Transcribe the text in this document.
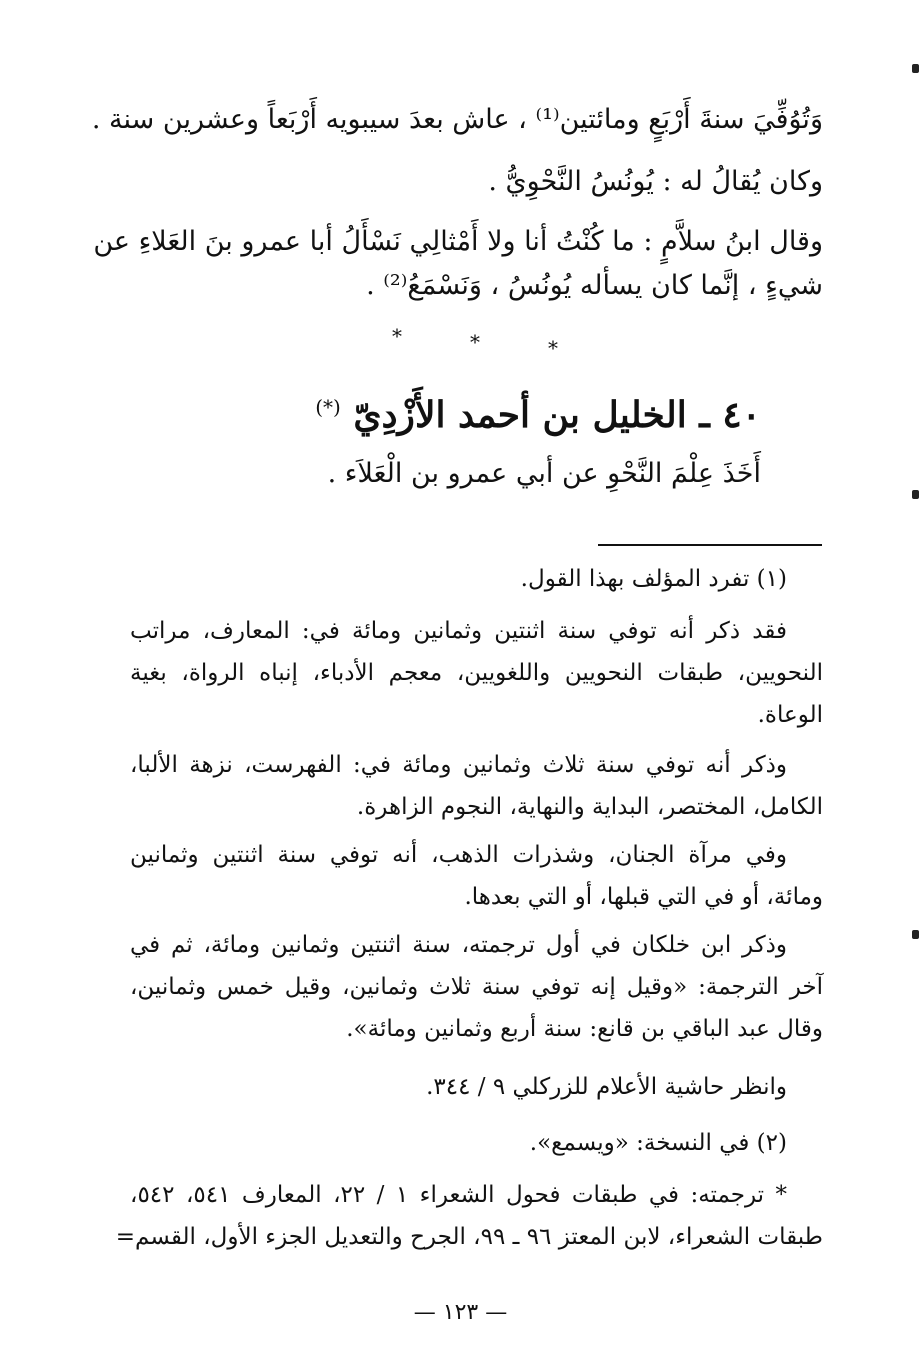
وَتُوُفِّيَ سنةَ أَرْبَعٍ ومائتين⁽¹⁾ ، عاش بعدَ سيبويه أَرْبَعاً وعشرين سنة .
وكان يُقالُ له : يُونُسُ النَّحْوِيُّ .
وقال ابنُ سلاَّمٍ : ما كُنْتُ أنا ولا أَمْثالِي نَسْأَلُ أبا عمرو بنَ العَلاءِ عن
شيءٍ ، إنَّما كان يسأله يُونُسُ ، وَنَسْمَعُ⁽²⁾ .
*	*	*
٤٠ ـ الخليل بن أحمد الأَزْدِيّ (*)
أَخَذَ عِلْمَ النَّحْوِ عن أبي عمرو بن الْعَلاَء .
(١) تفرد المؤلف بهذا القول.
فقد ذكر أنه توفي سنة اثنتين وثمانين ومائة في: المعارف، مراتب
النحويين، طبقات النحويين واللغويين، معجم الأدباء، إنباه الرواة، بغية
الوعاة.
وذكر أنه توفي سنة ثلاث وثمانين ومائة في: الفهرست، نزهة الألبا،
الكامل، المختصر، البداية والنهاية، النجوم الزاهرة.
وفي مرآة الجنان، وشذرات الذهب، أنه توفي سنة اثنتين وثمانين
ومائة، أو في التي قبلها، أو التي بعدها.
وذكر ابن خلكان في أول ترجمته، سنة اثنتين وثمانين ومائة، ثم في
آخر الترجمة: «وقيل إنه توفي سنة ثلاث وثمانين، وقيل خمس وثمانين،
وقال عبد الباقي بن قانع: سنة أربع وثمانين ومائة».
وانظر حاشية الأعلام للزركلي ٩ / ٣٤٤.
(٢) في النسخة: «ويسمع».
* ترجمته: في طبقات فحول الشعراء ١ / ٢٢، المعارف ٥٤١، ٥٤٢،
طبقات الشعراء، لابن المعتز ٩٦ ـ ٩٩، الجرح والتعديل الجزء الأول، القسم=
— ١٢٣ —
